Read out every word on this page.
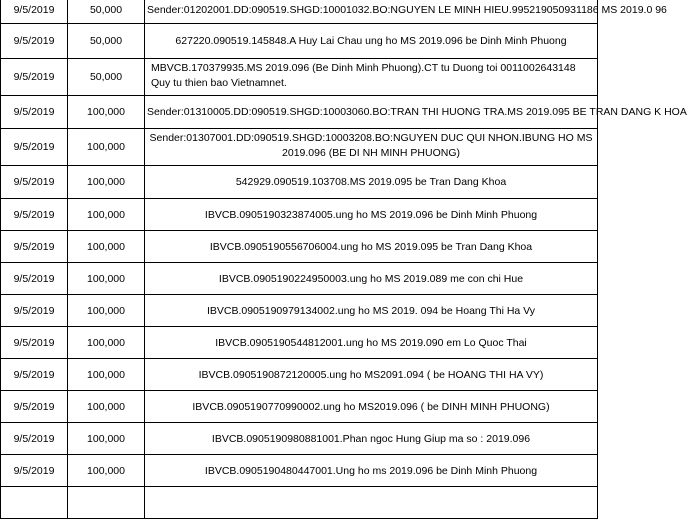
9/5/2019	50,000	Sender:01202001.DD:090519.SHGD:10001032.BO:NGUYEN LE MINH HIEU.995219050931186 MS 2019.0 96
9/5/2019	50,000	627220.090519.145848.A Huy Lai Chau ung ho MS 2019.096 be Dinh Minh Phuong
9/5/2019	50,000	MBVCB.170379935.MS 2019.096 (Be Dinh Minh Phuong).CT tu Duong toi 0011002643148 Quy tu thien bao Vietnamnet.
9/5/2019	100,000	Sender:01310005.DD:090519.SHGD:10003060.BO:TRAN THI HUONG TRA.MS 2019.095 BE TRAN DANG K HOA
9/5/2019	100,000	Sender:01307001.DD:090519.SHGD:10003208.BO:NGUYEN DUC QUI NHON.IBUNG HO MS 2019.096 (BE DI NH MINH PHUONG)
9/5/2019	100,000	542929.090519.103708.MS 2019.095 be Tran Dang Khoa
9/5/2019	100,000	IBVCB.0905190323874005.ung ho MS 2019.096 be Dinh Minh Phuong
9/5/2019	100,000	IBVCB.0905190556706004.ung ho MS 2019.095 be Tran Dang Khoa
9/5/2019	100,000	IBVCB.0905190224950003.ung ho MS 2019.089 me con chi Hue
9/5/2019	100,000	IBVCB.0905190979134002.ung ho MS 2019. 094 be Hoang Thi Ha Vy
9/5/2019	100,000	IBVCB.0905190544812001.ung ho MS 2019.090 em Lo Quoc Thai
9/5/2019	100,000	IBVCB.0905190872120005.ung ho MS2091.094 ( be HOANG THI HA VY)
9/5/2019	100,000	IBVCB.0905190770990002.ung ho MS2019.096 ( be DINH MINH PHUONG)
9/5/2019	100,000	IBVCB.0905190980881001.Phan ngoc Hung Giup ma so : 2019.096
9/5/2019	100,000	IBVCB.0905190480447001.Ung ho ms 2019.096 be Dinh Minh Phuong
